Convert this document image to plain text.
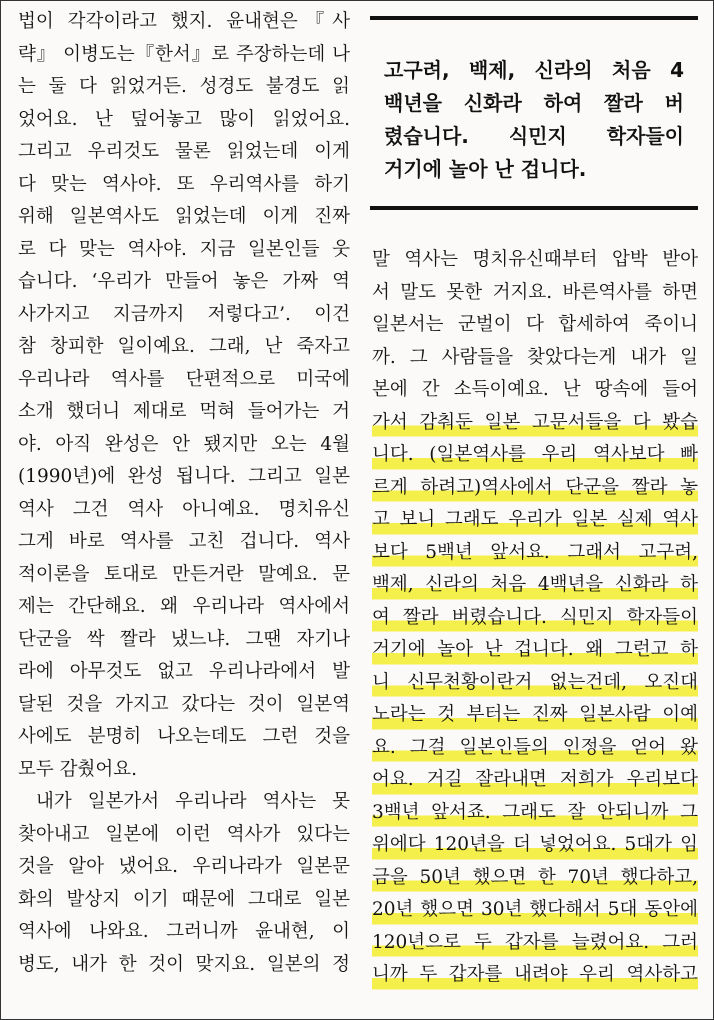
법이 각각이라고 했지. 윤내현은『사
략』 이병도는『한서』로 주장하는데 나
는 둘 다 읽었거든. 성경도 불경도 읽
었어요. 난 덮어놓고 많이 읽었어요.
그리고 우리것도 물론 읽었는데 이게
다 맞는 역사야. 또 우리역사를 하기
위해 일본역사도 읽었는데 이게 진짜
로 다 맞는 역사야. 지금 일본인들 웃
습니다. ‘우리가 만들어 놓은 가짜 역
사가지고 지금까지 저렇다고’. 이건
참 창피한 일이예요. 그래, 난 죽자고
우리나라 역사를 단편적으로 미국에
소개 했더니 제대로 먹혀 들어가는 거
야. 아직 완성은 안 됐지만 오는 4월
(1990년)에 완성 됩니다. 그리고 일본
역사 그건 역사 아니예요. 명치유신
그게 바로 역사를 고친 겁니다. 역사
적이론을 토대로 만든거란 말예요. 문
제는 간단해요. 왜 우리나라 역사에서
단군을 싹 짤라 냈느냐. 그땐 자기나
라에 아무것도 없고 우리나라에서 발
달된 것을 가지고 갔다는 것이 일본역
사에도 분명히 나오는데도 그런 것을
모두 감췄어요.
내가 일본가서 우리나라 역사는 못
찾아내고 일본에 이런 역사가 있다는
것을 알아 냈어요. 우리나라가 일본문
화의 발상지 이기 때문에 그대로 일본
역사에 나와요. 그러니까 윤내현, 이
병도, 내가 한 것이 맞지요. 일본의 정
고구려, 백제, 신라의 처음 4
백년을 신화라 하여 짤라 버
렸습니다. 식민지 학자들이
거기에 놀아 난 겁니다.
말 역사는 명치유신때부터 압박 받아
서 말도 못한 거지요. 바른역사를 하면
일본서는 군벌이 다 합세하여 죽이니
까. 그 사람들을 찾았다는게 내가 일
본에 간 소득이예요. 난 땅속에 들어
가서 감춰둔 일본 고문서들을 다 봤습
니다. (일본역사를 우리 역사보다 빠
르게 하려고)역사에서 단군을 짤라 놓
고 보니 그래도 우리가 일본 실제 역사
보다 5백년 앞서요. 그래서 고구려,
백제, 신라의 처음 4백년을 신화라 하
여 짤라 버렸습니다. 식민지 학자들이
거기에 놀아 난 겁니다. 왜 그런고 하
니 신무천황이란거 없는건데, 오진대
노라는 것 부터는 진짜 일본사람 이예
요. 그걸 일본인들의 인정을 얻어 왔
어요. 거길 잘라내면 저희가 우리보다
3백년 앞서죠. 그래도 잘 안되니까 그
위에다 120년을 더 넣었어요. 5대가 임
금을 50년 했으면 한 70년 했다하고,
20년 했으면 30년 했다해서 5대 동안에
120년으로 두 갑자를 늘렸어요. 그러
니까 두 갑자를 내려야 우리 역사하고
